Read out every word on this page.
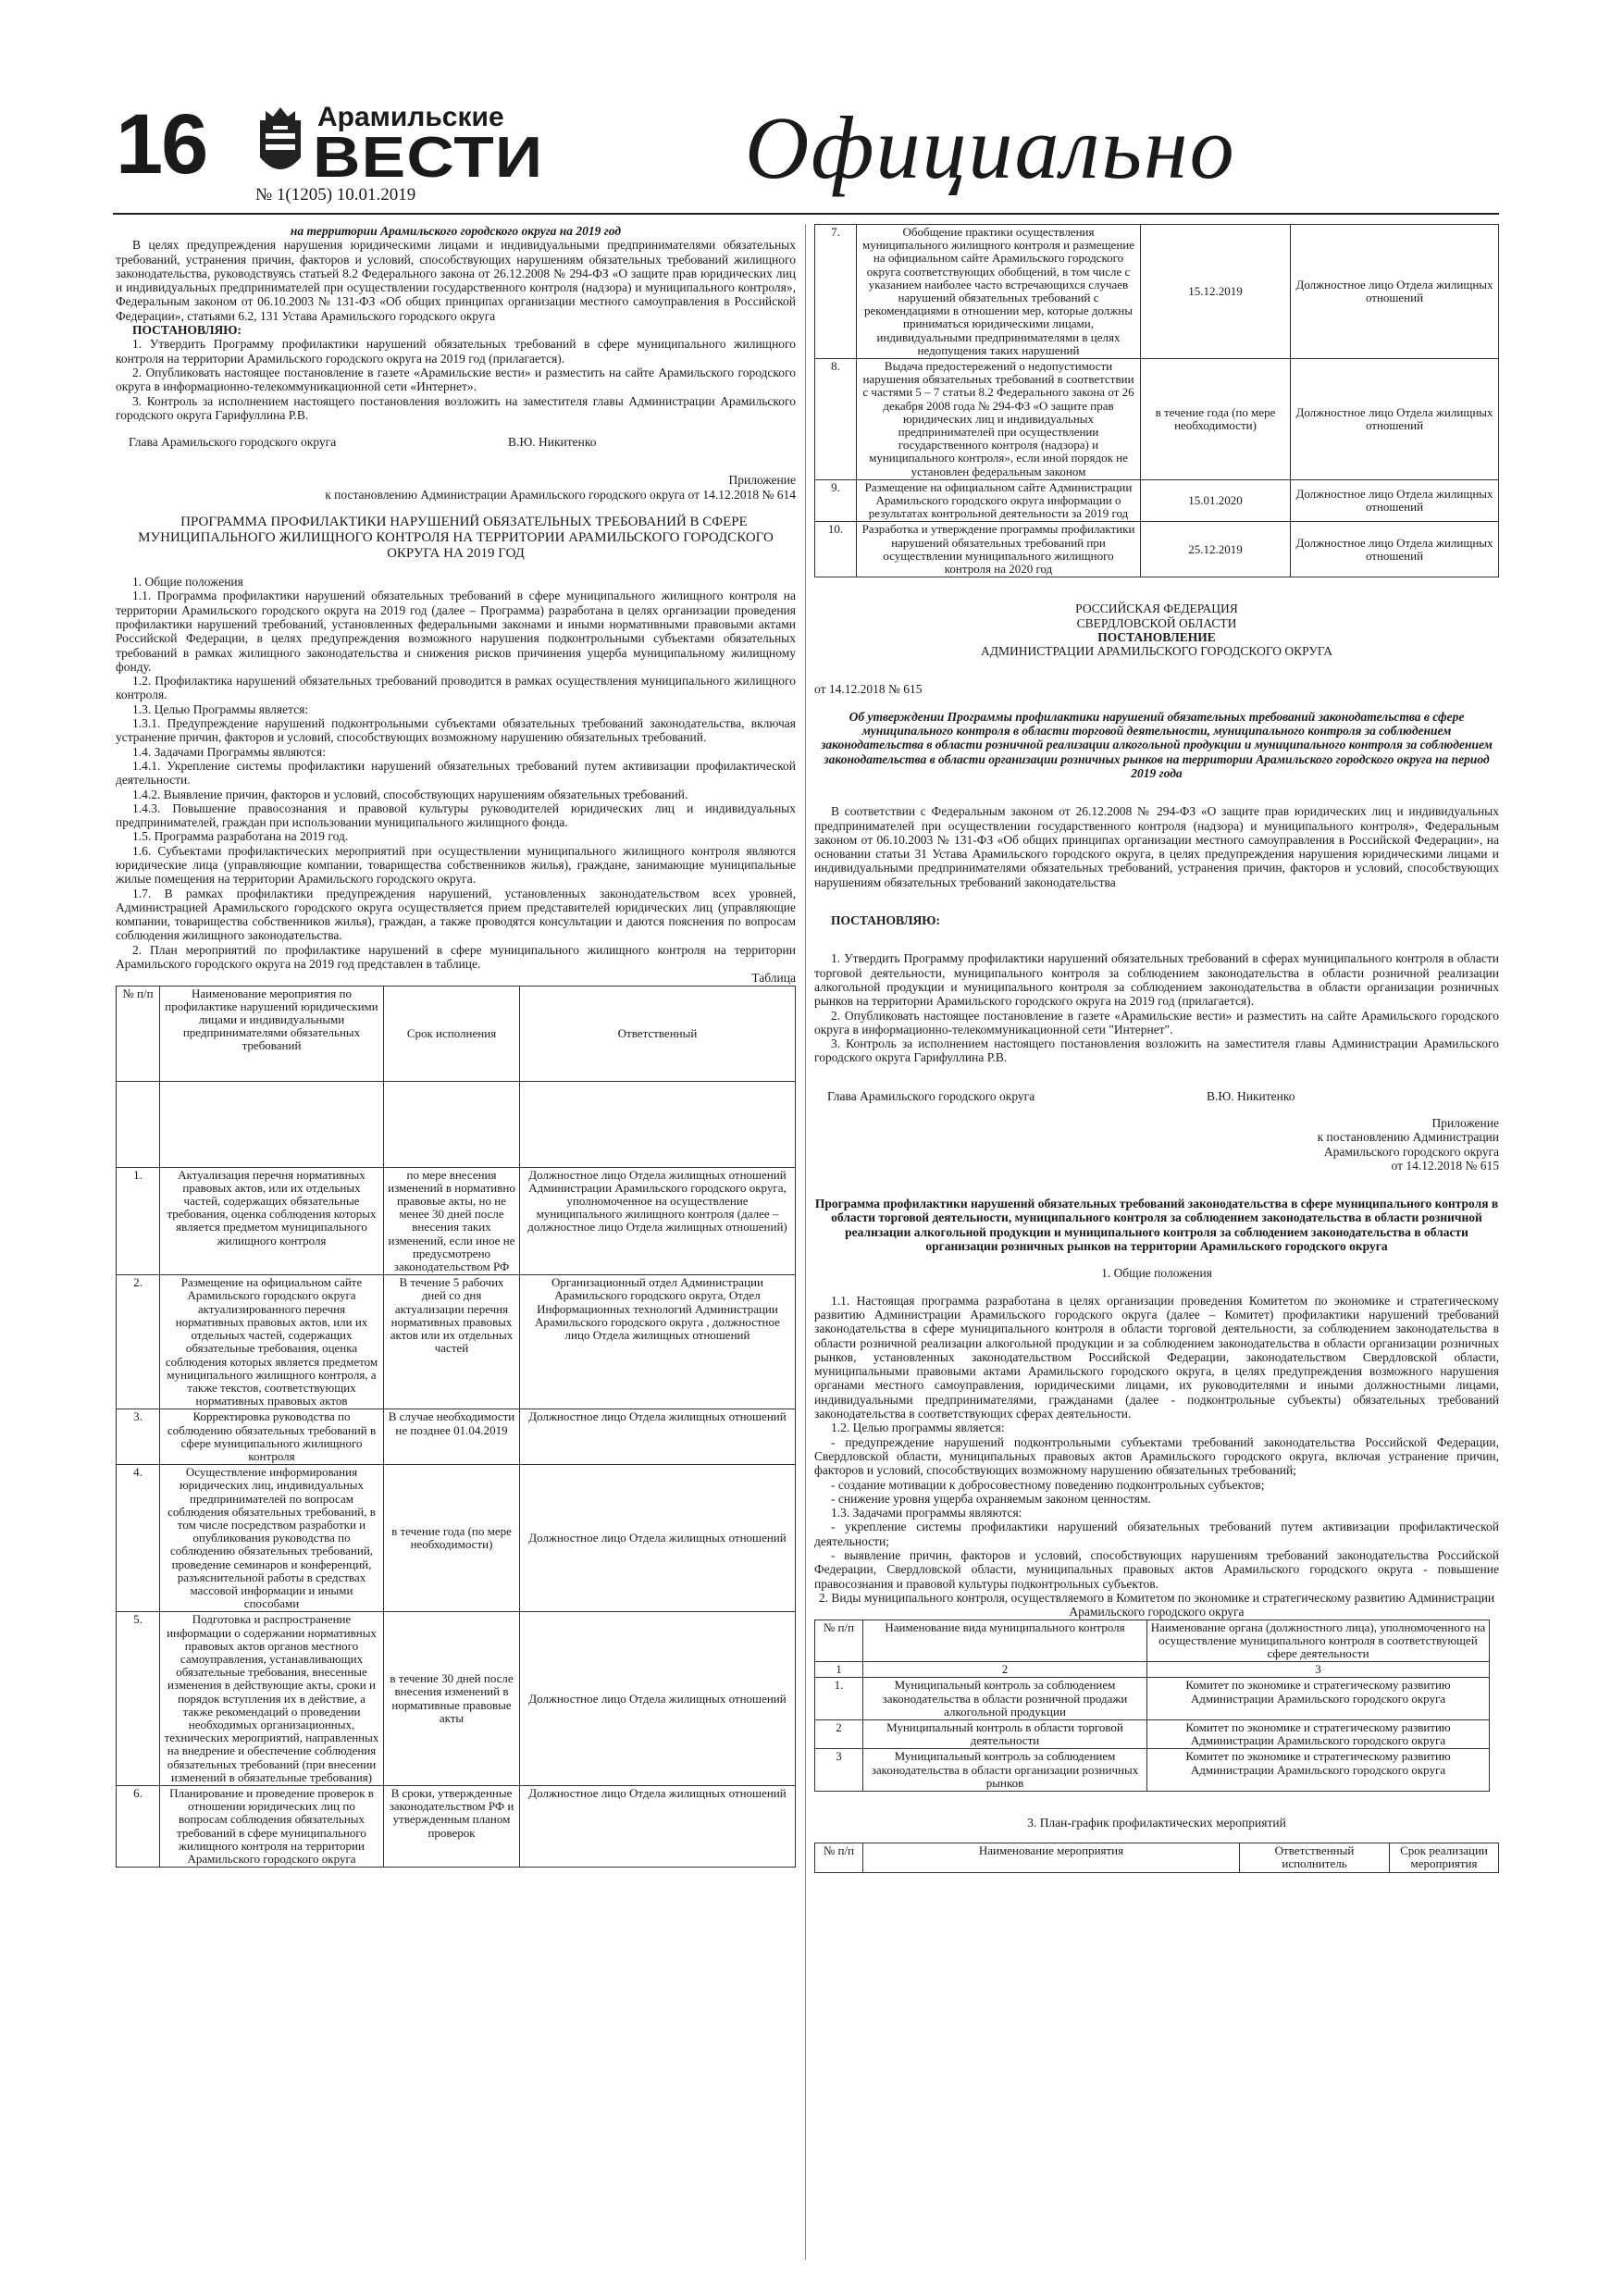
16	Арамильские
ВЕСТИ
№ 1(1205) 10.01.2019	Официально

на территории Арамильского городского округа на 2019 год

В целях предупреждения нарушения юридическими лицами и индивидуальными предпринимателями обязательных требований, устранения причин, факторов и условий, способствующих нарушениям обязательных требований жилищного законодательства, руководствуясь статьей 8.2 Федерального закона от 26.12.2008 № 294-ФЗ «О защите прав юридических лиц и индивидуальных предпринимателей при осуществлении государственного контроля (надзора) и муниципального контроля», Федеральным законом от 06.10.2003 № 131-ФЗ «Об общих принципах организации местного самоуправления в Российской Федерации», статьями 6.2, 131 Устава Арамильского городского округа

ПОСТАНОВЛЯЮ:

1. Утвердить Программу профилактики нарушений обязательных требований в сфере муниципального жилищного контроля на территории Арамильского городского округа на 2019 год (прилагается).

2. Опубликовать настоящее постановление в газете «Арамильские вести» и разместить на сайте Арамильского городского округа в информационно-телекоммуникационной сети «Интернет».

3. Контроль за исполнением настоящего постановления возложить на заместителя главы Администрации Арамильского городского округа Гарифуллина Р.В.

Глава Арамильского городского округа	В.Ю. Никитенко

Приложение

к постановлению Администрации Арамильского городского округа от 14.12.2018 № 614

ПРОГРАММА ПРОФИЛАКТИКИ НАРУШЕНИЙ ОБЯЗАТЕЛЬНЫХ ТРЕБОВАНИЙ В СФЕРЕ МУНИЦИПАЛЬНОГО ЖИЛИЩНОГО КОНТРОЛЯ НА ТЕРРИТОРИИ АРАМИЛЬСКОГО ГОРОДСКОГО ОКРУГА НА 2019 ГОД

1. Общие положения

1.1. Программа профилактики нарушений обязательных требований в сфере муниципального жилищного контроля на территории Арамильского городского округа на 2019 год (далее – Программа) разработана в целях организации проведения профилактики нарушений требований, установленных федеральными законами и иными нормативными правовыми актами Российской Федерации, в целях предупреждения возможного нарушения подконтрольными субъектами обязательных требований в рамках жилищного законодательства и снижения рисков причинения ущерба муниципальному жилищному фонду.

1.2. Профилактика нарушений обязательных требований проводится в рамках осуществления муниципального жилищного контроля.

1.3. Целью Программы является:

1.3.1. Предупреждение нарушений подконтрольными субъектами обязательных требований законодательства, включая устранение причин, факторов и условий, способствующих возможному нарушению обязательных требований.

1.4. Задачами Программы являются:

1.4.1. Укрепление системы профилактики нарушений обязательных требований путем активизации профилактической деятельности.

1.4.2. Выявление причин, факторов и условий, способствующих нарушениям обязательных требований.

1.4.3. Повышение правосознания и правовой культуры руководителей юридических лиц и индивидуальных предпринимателей, граждан при использовании муниципального жилищного фонда.

1.5. Программа разработана на 2019 год.

1.6. Субъектами профилактических мероприятий при осуществлении муниципального жилищного контроля являются юридические лица (управляющие компании, товарищества собственников жилья), граждане, занимающие муниципальные жилые помещения на территории Арамильского городского округа.

1.7. В рамках профилактики предупреждения нарушений, установленных законодательством всех уровней, Администрацией Арамильского городского округа осуществляется прием представителей юридических лиц (управляющие компании, товарищества собственников жилья), граждан, а также проводятся консультации и даются пояснения по вопросам соблюдения жилищного законодательства.

2. План мероприятий по профилактике нарушений в сфере муниципального жилищного контроля на территории Арамильского городского округа на 2019 год представлен в таблице.

Таблица

№ п/п	Наименование мероприятия по профилактике нарушений юридическими лицами и индивидуальными предпринимателями обязательных требований	Срок исполнения	Ответственный

1.	Актуализация перечня нормативных правовых актов, или их отдельных частей, содержащих обязательные требования, оценка соблюдения которых является предметом муниципального жилищного контроля	по мере внесения изменений в нормативно правовые акты, но не менее 30 дней после внесения таких изменений, если иное не предусмотрено законодательством РФ	Должностное лицо Отдела жилищных отношений Администрации Арамильского городского округа, уполномоченное на осуществление муниципального жилищного контроля (далее – должностное лицо Отдела жилищных отношений)
2.	Размещение на официальном сайте Арамильского городского округа актуализированного перечня нормативных правовых актов, или их отдельных частей, содержащих обязательные требования, оценка соблюдения которых является предметом муниципального жилищного контроля, а также текстов, соответствующих нормативных правовых актов	В течение 5 рабочих дней со дня актуализации перечня нормативных правовых актов или их отдельных частей	Организационный отдел Администрации Арамильского городского округа, Отдел Информационных технологий Администрации Арамильского городского округа , должностное лицо Отдела жилищных отношений
3.	Корректировка руководства по соблюдению обязательных требований в сфере муниципального жилищного контроля	В случае необходимости не позднее 01.04.2019	Должностное лицо Отдела жилищных отношений
4.	Осуществление информирования юридических лиц, индивидуальных предпринимателей по вопросам соблюдения обязательных требований, в том числе посредством разработки и опубликования руководства по соблюдению обязательных требований, проведение семинаров и конференций, разъяснительной работы в средствах массовой информации и иными способами	в течение года (по мере необходимости)	Должностное лицо Отдела жилищных отношений
5.	Подготовка и распространение информации о содержании нормативных правовых актов органов местного самоуправления, устанавливающих обязательные требования, внесенные изменения в действующие акты, сроки и порядок вступления их в действие, а также рекомендаций о проведении необходимых организационных, технических мероприятий, направленных на внедрение и обеспечение соблюдения обязательных требований (при внесении изменений в обязательные требования)	в течение 30 дней после внесения изменений в нормативные правовые акты	Должностное лицо Отдела жилищных отношений
6.	Планирование и проведение проверок в отношении юридических лиц по вопросам соблюдения обязательных требований в сфере муниципального жилищного контроля на территории Арамильского городского округа	В сроки, утвержденные законодательством РФ и утвержденным планом проверок	Должностное лицо Отдела жилищных отношений
7.	Обобщение практики осуществления муниципального жилищного контроля и размещение на официальном сайте Арамильского городского округа соответствующих обобщений, в том числе с указанием наиболее часто встречающихся случаев нарушений обязательных требований с рекомендациями в отношении мер, которые должны приниматься юридическими лицами, индивидуальными предпринимателями в целях недопущения таких нарушений	15.12.2019	Должностное лицо Отдела жилищных отношений
8.	Выдача предостережений о недопустимости нарушения обязательных требований в соответствии с частями 5 – 7 статьи 8.2 Федерального закона от 26 декабря 2008 года № 294-ФЗ «О защите прав юридических лиц и индивидуальных предпринимателей при осуществлении государственного контроля (надзора) и муниципального контроля», если иной порядок не установлен федеральным законом	в течение года (по мере необходимости)	Должностное лицо Отдела жилищных отношений
9.	Размещение на официальном сайте Администрации Арамильского городского округа информации о результатах контрольной деятельности за 2019 год	15.01.2020	Должностное лицо Отдела жилищных отношений
10.	Разработка и утверждение программы профилактики нарушений обязательных требований при осуществлении муниципального жилищного контроля на 2020 год	25.12.2019	Должностное лицо Отдела жилищных отношений

РОССИЙСКАЯ ФЕДЕРАЦИЯ

СВЕРДЛОВСКОЙ ОБЛАСТИ

ПОСТАНОВЛЕНИЕ

АДМИНИСТРАЦИИ АРАМИЛЬСКОГО ГОРОДСКОГО ОКРУГА

от 14.12.2018 № 615

Об утверждении Программы профилактики нарушений обязательных требований законодательства в сфере муниципального контроля в области торговой деятельности, муниципального контроля за соблюдением законодательства в области розничной реализации алкогольной продукции и муниципального контроля за соблюдением законодательства в области организации розничных рынков на территории Арамильского городского округа на период 2019 года

В соответствии с Федеральным законом от 26.12.2008 № 294-ФЗ «О защите прав юридических лиц и индивидуальных предпринимателей при осуществлении государственного контроля (надзора) и муниципального контроля», Федеральным законом от 06.10.2003 № 131-ФЗ «Об общих принципах организации местного самоуправления в Российской Федерации», на основании статьи 31 Устава Арамильского городского округа, в целях предупреждения нарушения юридическими лицами и индивидуальными предпринимателями обязательных требований, устранения причин, факторов и условий, способствующих нарушениям обязательных требований законодательства

ПОСТАНОВЛЯЮ:

1. Утвердить Программу профилактики нарушений обязательных требований в сферах муниципального контроля в области торговой деятельности, муниципального контроля за соблюдением законодательства в области розничной реализации алкогольной продукции и муниципального контроля за соблюдением законодательства в области организации розничных рынков на территории Арамильского городского округа на 2019 год (прилагается).

2. Опубликовать настоящее постановление в газете «Арамильские вести» и разместить на сайте Арамильского городского округа в информационно-телекоммуникационной сети "Интернет".

3. Контроль за исполнением настоящего постановления возложить на заместителя главы Администрации Арамильского городского округа Гарифуллина Р.В.

Глава Арамильского городского округа	В.Ю. Никитенко

Приложение

к постановлению Администрации

Арамильского городского округа

от 14.12.2018 № 615

Программа профилактики нарушений обязательных требований законодательства в сфере муниципального контроля в области торговой деятельности, муниципального контроля за соблюдением законодательства в области розничной реализации алкогольной продукции и муниципального контроля за соблюдением законодательства в области организации розничных рынков на территории Арамильского городского округа

1. Общие положения

1.1. Настоящая программа разработана в целях организации проведения Комитетом по экономике и стратегическому развитию Администрации Арамильского городского округа (далее – Комитет) профилактики нарушений требований законодательства в сфере муниципального контроля в области торговой деятельности, за соблюдением законодательства в области розничной реализации алкогольной продукции и за соблюдением законодательства в области организации розничных рынков, установленных законодательством Российской Федерации, законодательством Свердловской области, муниципальными правовыми актами Арамильского городского округа, в целях предупреждения возможного нарушения органами местного самоуправления, юридическими лицами, их руководителями и иными должностными лицами, индивидуальными предпринимателями, гражданами (далее - подконтрольные субъекты) обязательных требований законодательства в соответствующих сферах деятельности.

1.2. Целью программы является:

- предупреждение нарушений подконтрольными субъектами требований законодательства Российской Федерации, Свердловской области, муниципальных правовых актов Арамильского городского округа, включая устранение причин, факторов и условий, способствующих возможному нарушению обязательных требований;

- создание мотивации к добросовестному поведению подконтрольных субъектов;

- снижение уровня ущерба охраняемым законом ценностям.

1.3. Задачами программы являются:

- укрепление системы профилактики нарушений обязательных требований путем активизации профилактической деятельности;

- выявление причин, факторов и условий, способствующих нарушениям требований законодательства Российской Федерации, Свердловской области, муниципальных правовых актов Арамильского городского округа - повышение правосознания и правовой культуры подконтрольных субъектов.

2. Виды муниципального контроля, осуществляемого в Комитетом по экономике и стратегическому развитию Администрации Арамильского городского округа

№ п/п	Наименование вида муниципального контроля	Наименование органа (должностного лица), уполномоченного на осуществление муниципального контроля в соответствующей сфере деятельности
1	2	3
1.	Муниципальный контроль за соблюдением законодательства в области розничной продажи алкогольной продукции	Комитет по экономике и стратегическому развитию Администрации Арамильского городского округа
2	Муниципальный контроль в области торговой деятельности	Комитет по экономике и стратегическому развитию Администрации Арамильского городского округа
3	Муниципальный контроль за соблюдением законодательства в области организации розничных рынков	Комитет по экономике и стратегическому развитию Администрации Арамильского городского округа

3. План-график профилактических мероприятий

№ п/п	Наименование мероприятия	Ответственный исполнитель	Срок реализации мероприятия
